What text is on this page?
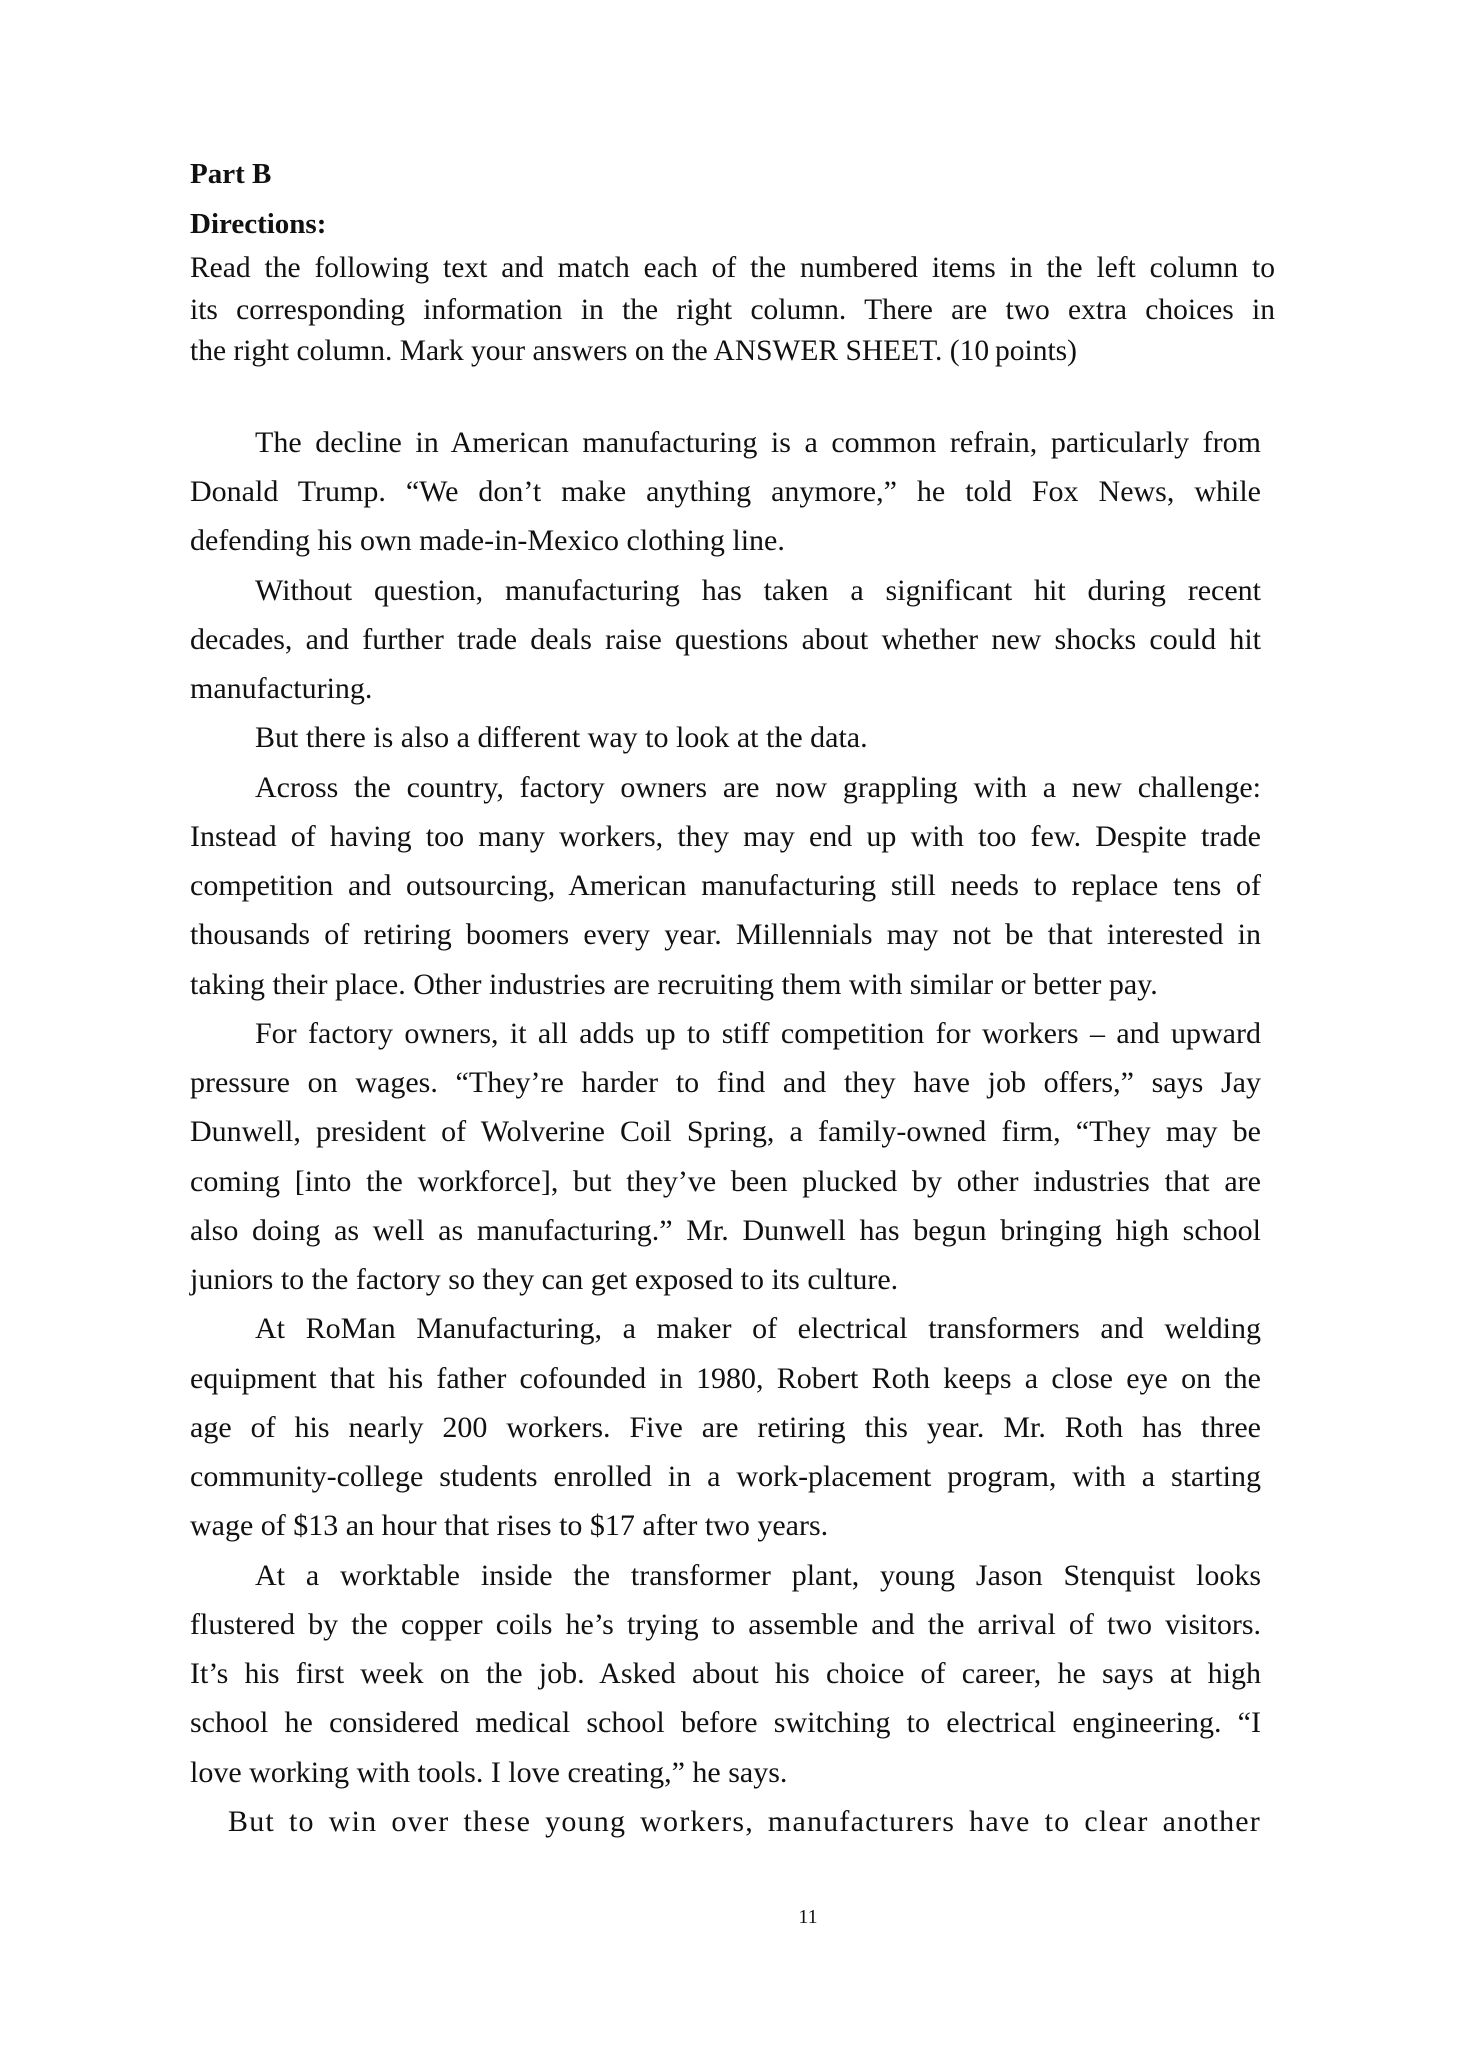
Part B
Directions:
Read the following text and match each of the numbered items in the left column to
its corresponding information in the right column. There are two extra choices in
the right column. Mark your answers on the ANSWER SHEET. (10 points)
The decline in American manufacturing is a common refrain, particularly from
Donald Trump. “We don’t make anything anymore,” he told Fox News, while
defending his own made-in-Mexico clothing line.
Without question, manufacturing has taken a significant hit during recent
decades, and further trade deals raise questions about whether new shocks could hit
manufacturing.
But there is also a different way to look at the data.
Across the country, factory owners are now grappling with a new challenge:
Instead of having too many workers, they may end up with too few. Despite trade
competition and outsourcing, American manufacturing still needs to replace tens of
thousands of retiring boomers every year. Millennials may not be that interested in
taking their place. Other industries are recruiting them with similar or better pay.
For factory owners, it all adds up to stiff competition for workers – and upward
pressure on wages. “They’re harder to find and they have job offers,” says Jay
Dunwell, president of Wolverine Coil Spring, a family-owned firm, “They may be
coming [into the workforce], but they’ve been plucked by other industries that are
also doing as well as manufacturing.” Mr. Dunwell has begun bringing high school
juniors to the factory so they can get exposed to its culture.
At RoMan Manufacturing, a maker of electrical transformers and welding
equipment that his father cofounded in 1980, Robert Roth keeps a close eye on the
age of his nearly 200 workers. Five are retiring this year. Mr. Roth has three
community-college students enrolled in a work-placement program, with a starting
wage of $13 an hour that rises to $17 after two years.
At a worktable inside the transformer plant, young Jason Stenquist looks
flustered by the copper coils he’s trying to assemble and the arrival of two visitors.
It’s his first week on the job. Asked about his choice of career, he says at high
school he considered medical school before switching to electrical engineering. “I
love working with tools. I love creating,” he says.
But to win over these young workers, manufacturers have to clear another
11
